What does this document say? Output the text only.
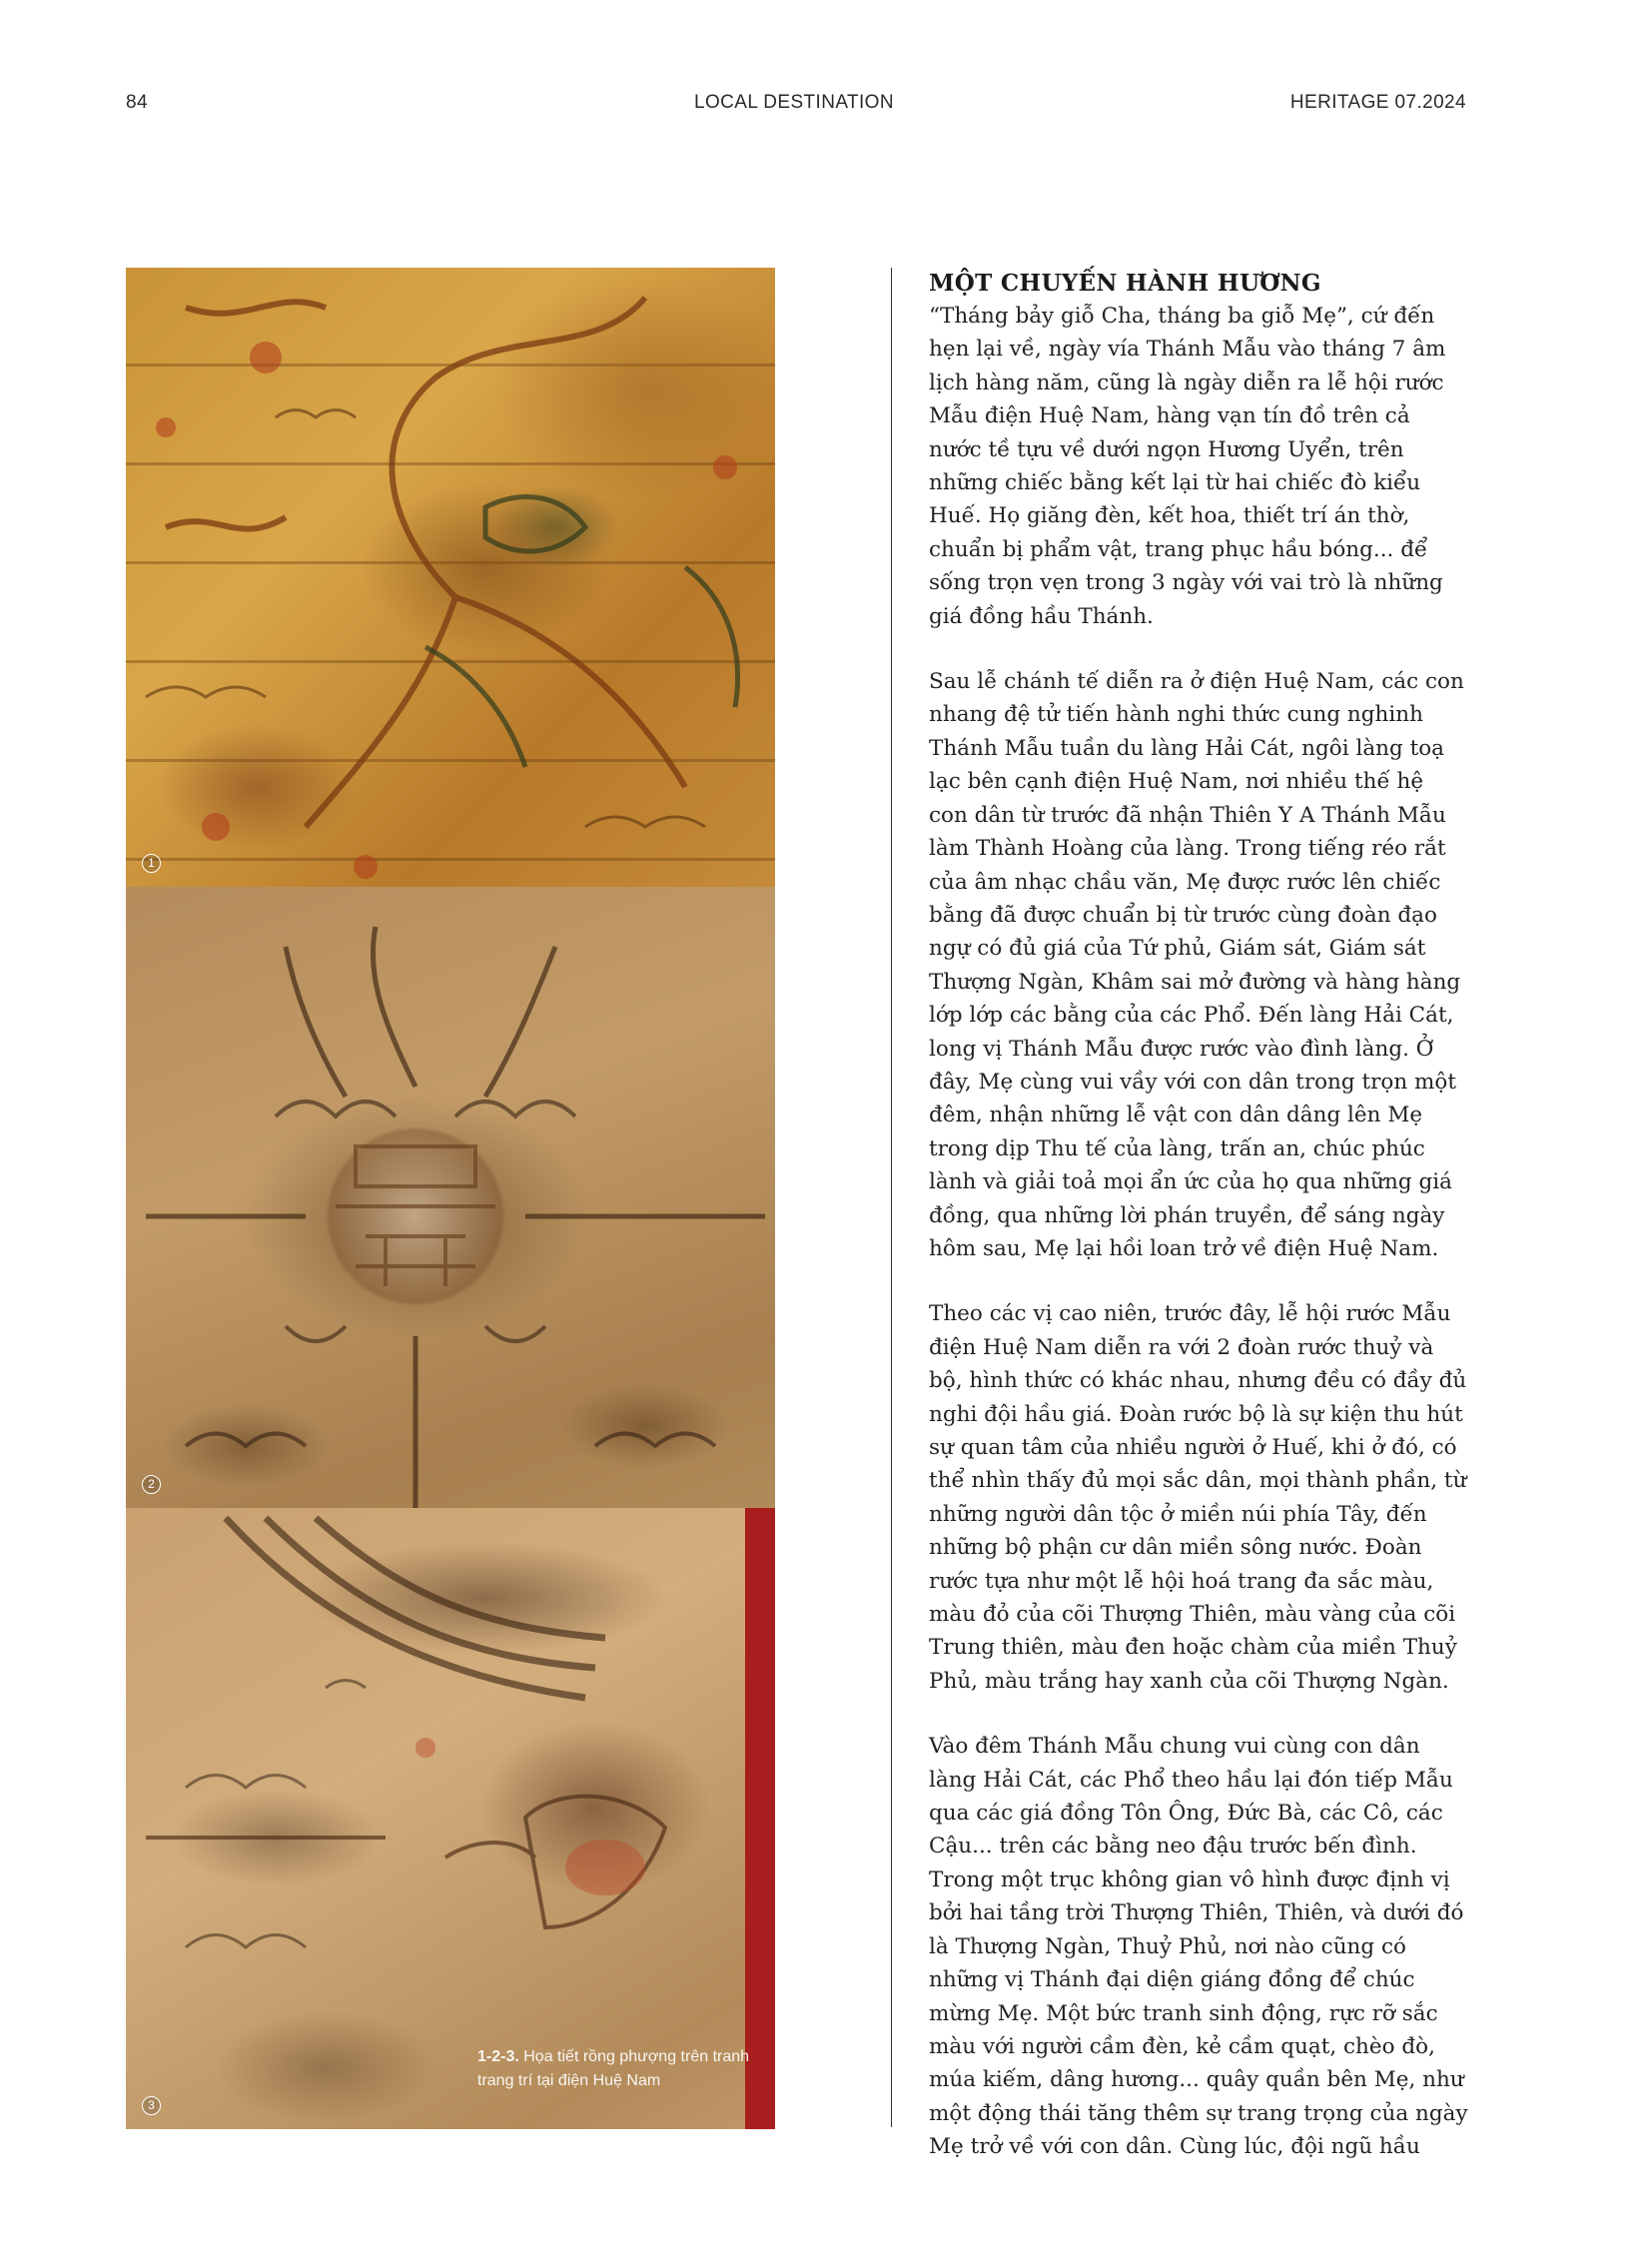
84	LOCAL DESTINATION	HERITAGE 07.2024
1
2
3
1-2-3. Họa tiết rồng phượng trên tranh trang trí tại điện Huệ Nam
MỘT CHUYẾN HÀNH HƯƠNG

“Tháng bảy giỗ Cha, tháng ba giỗ Mẹ”, cứ đến hẹn lại về, ngày vía Thánh Mẫu vào tháng 7 âm lịch hàng năm, cũng là ngày diễn ra lễ hội rước Mẫu điện Huệ Nam, hàng vạn tín đồ trên cả nước tề tựu về dưới ngọn Hương Uyển, trên những chiếc bằng kết lại từ hai chiếc đò kiểu Huế. Họ giăng đèn, kết hoa, thiết trí án thờ, chuẩn bị phẩm vật, trang phục hầu bóng... để sống trọn vẹn trong 3 ngày với vai trò là những giá đồng hầu Thánh.

Sau lễ chánh tế diễn ra ở điện Huệ Nam, các con nhang đệ tử tiến hành nghi thức cung nghinh Thánh Mẫu tuần du làng Hải Cát, ngôi làng toạ lạc bên cạnh điện Huệ Nam, nơi nhiều thế hệ con dân từ trước đã nhận Thiên Y A Thánh Mẫu làm Thành Hoàng của làng. Trong tiếng réo rắt của âm nhạc chầu văn, Mẹ được rước lên chiếc bằng đã được chuẩn bị từ trước cùng đoàn đạo ngự có đủ giá của Tứ phủ, Giám sát, Giám sát Thượng Ngàn, Khâm sai mở đường và hàng hàng lớp lớp các bằng của các Phổ. Đến làng Hải Cát, long vị Thánh Mẫu được rước vào đình làng. Ở đây, Mẹ cùng vui vầy với con dân trong trọn một đêm, nhận những lễ vật con dân dâng lên Mẹ trong dịp Thu tế của làng, trấn an, chúc phúc lành và giải toả mọi ẩn ức của họ qua những giá đồng, qua những lời phán truyền, để sáng ngày hôm sau, Mẹ lại hồi loan trở về điện Huệ Nam.

Theo các vị cao niên, trước đây, lễ hội rước Mẫu điện Huệ Nam diễn ra với 2 đoàn rước thuỷ và bộ, hình thức có khác nhau, nhưng đều có đầy đủ nghi đội hầu giá. Đoàn rước bộ là sự kiện thu hút sự quan tâm của nhiều người ở Huế, khi ở đó, có thể nhìn thấy đủ mọi sắc dân, mọi thành phần, từ những người dân tộc ở miền núi phía Tây, đến những bộ phận cư dân miền sông nước. Đoàn rước tựa như một lễ hội hoá trang đa sắc màu, màu đỏ của cõi Thượng Thiên, màu vàng của cõi Trung thiên, màu đen hoặc chàm của miền Thuỷ Phủ, màu trắng hay xanh của cõi Thượng Ngàn.

Vào đêm Thánh Mẫu chung vui cùng con dân làng Hải Cát, các Phổ theo hầu lại đón tiếp Mẫu qua các giá đồng Tôn Ông, Đức Bà, các Cô, các Cậu... trên các bằng neo đậu trước bến đình. Trong một trục không gian vô hình được định vị bởi hai tầng trời Thượng Thiên, Thiên, và dưới đó là Thượng Ngàn, Thuỷ Phủ, nơi nào cũng có những vị Thánh đại diện giáng đồng để chúc mừng Mẹ. Một bức tranh sinh động, rực rỡ sắc màu với người cầm đèn, kẻ cầm quạt, chèo đò, múa kiếm, dâng hương... quây quần bên Mẹ, như một động thái tăng thêm sự trang trọng của ngày Mẹ trở về với con dân. Cùng lúc, đội ngũ hầu
